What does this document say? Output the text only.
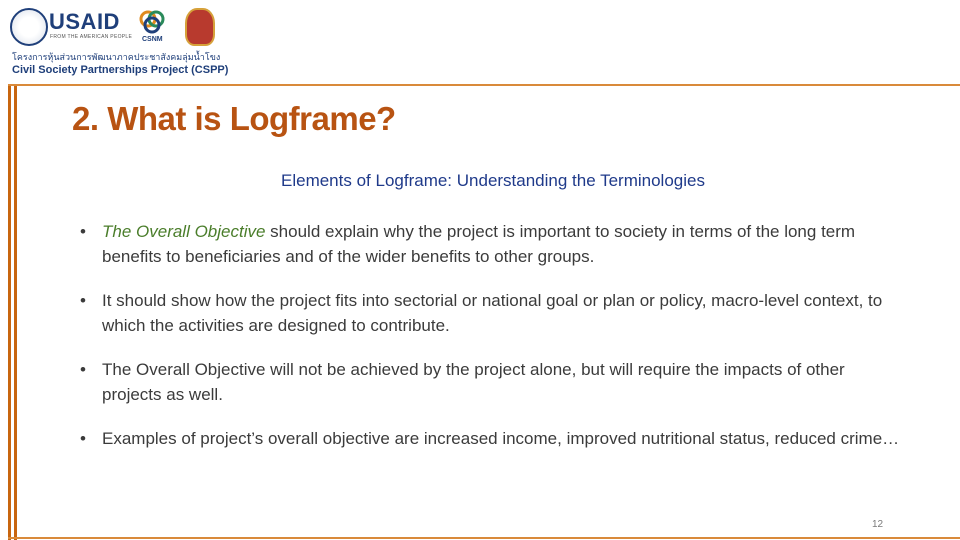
USAID
FROM THE AMERICAN PEOPLE CSNM
โครงการหุ้นส่วนการพัฒนาภาคประชาสังคมลุ่มน้ำโขง
Civil Society Partnerships Project (CSPP)
2. What is Logframe?
Elements of Logframe: Understanding the Terminologies
• The Overall Objective should explain why the project is important to society in terms of the long term benefits to beneficiaries and of the wider benefits to other groups.
• It should show how the project fits into sectorial or national goal or plan or policy, macro-level context, to which the activities are designed to contribute.
• The Overall Objective will not be achieved by the project alone, but will require the impacts of other projects as well.
• Examples of project’s overall objective are increased income, improved nutritional status, reduced crime…
12
